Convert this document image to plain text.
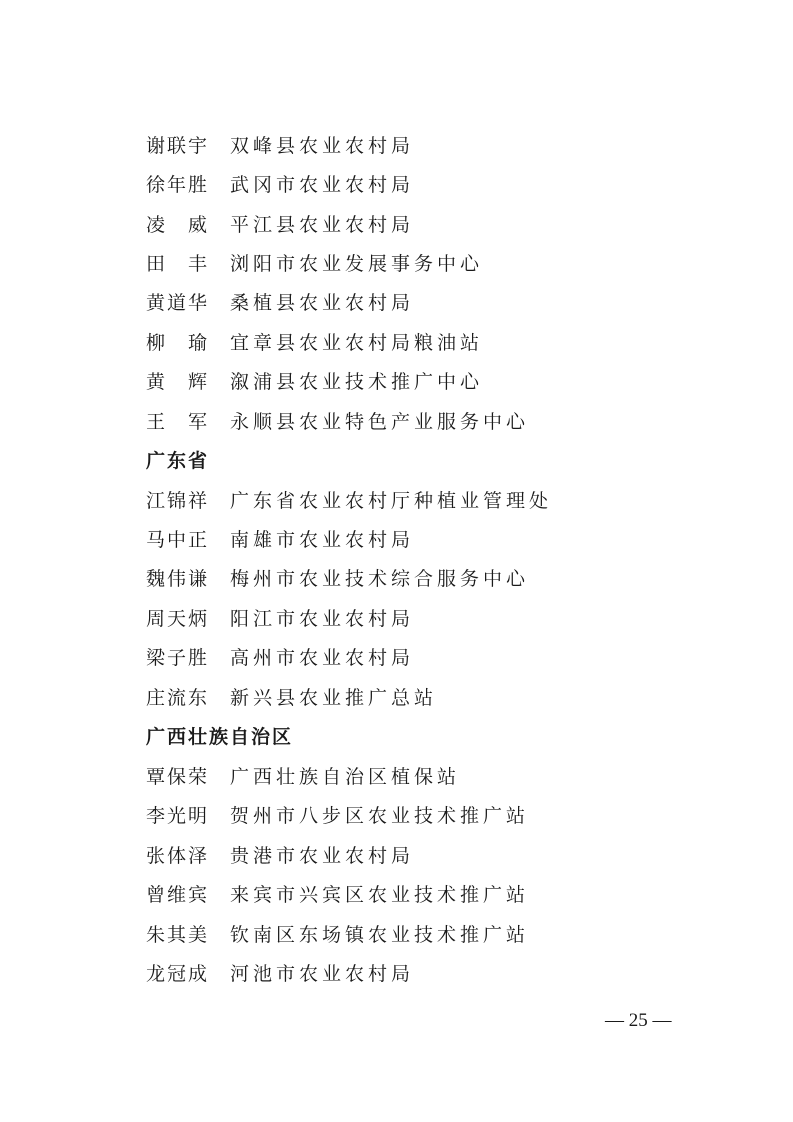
谢联宇 双峰县农业农村局
徐年胜 武冈市农业农村局
凌　威 平江县农业农村局
田　丰 浏阳市农业发展事务中心
黄道华 桑植县农业农村局
柳　瑜 宜章县农业农村局粮油站
黄　辉 溆浦县农业技术推广中心
王　军 永顺县农业特色产业服务中心
广东省
江锦祥 广东省农业农村厅种植业管理处
马中正 南雄市农业农村局
魏伟谦 梅州市农业技术综合服务中心
周天炳 阳江市农业农村局
梁子胜 高州市农业农村局
庄流东 新兴县农业推广总站
广西壮族自治区
覃保荣 广西壮族自治区植保站
李光明 贺州市八步区农业技术推广站
张体泽 贵港市农业农村局
曾维宾 来宾市兴宾区农业技术推广站
朱其美 钦南区东场镇农业技术推广站
龙冠成 河池市农业农村局
— 25 —
